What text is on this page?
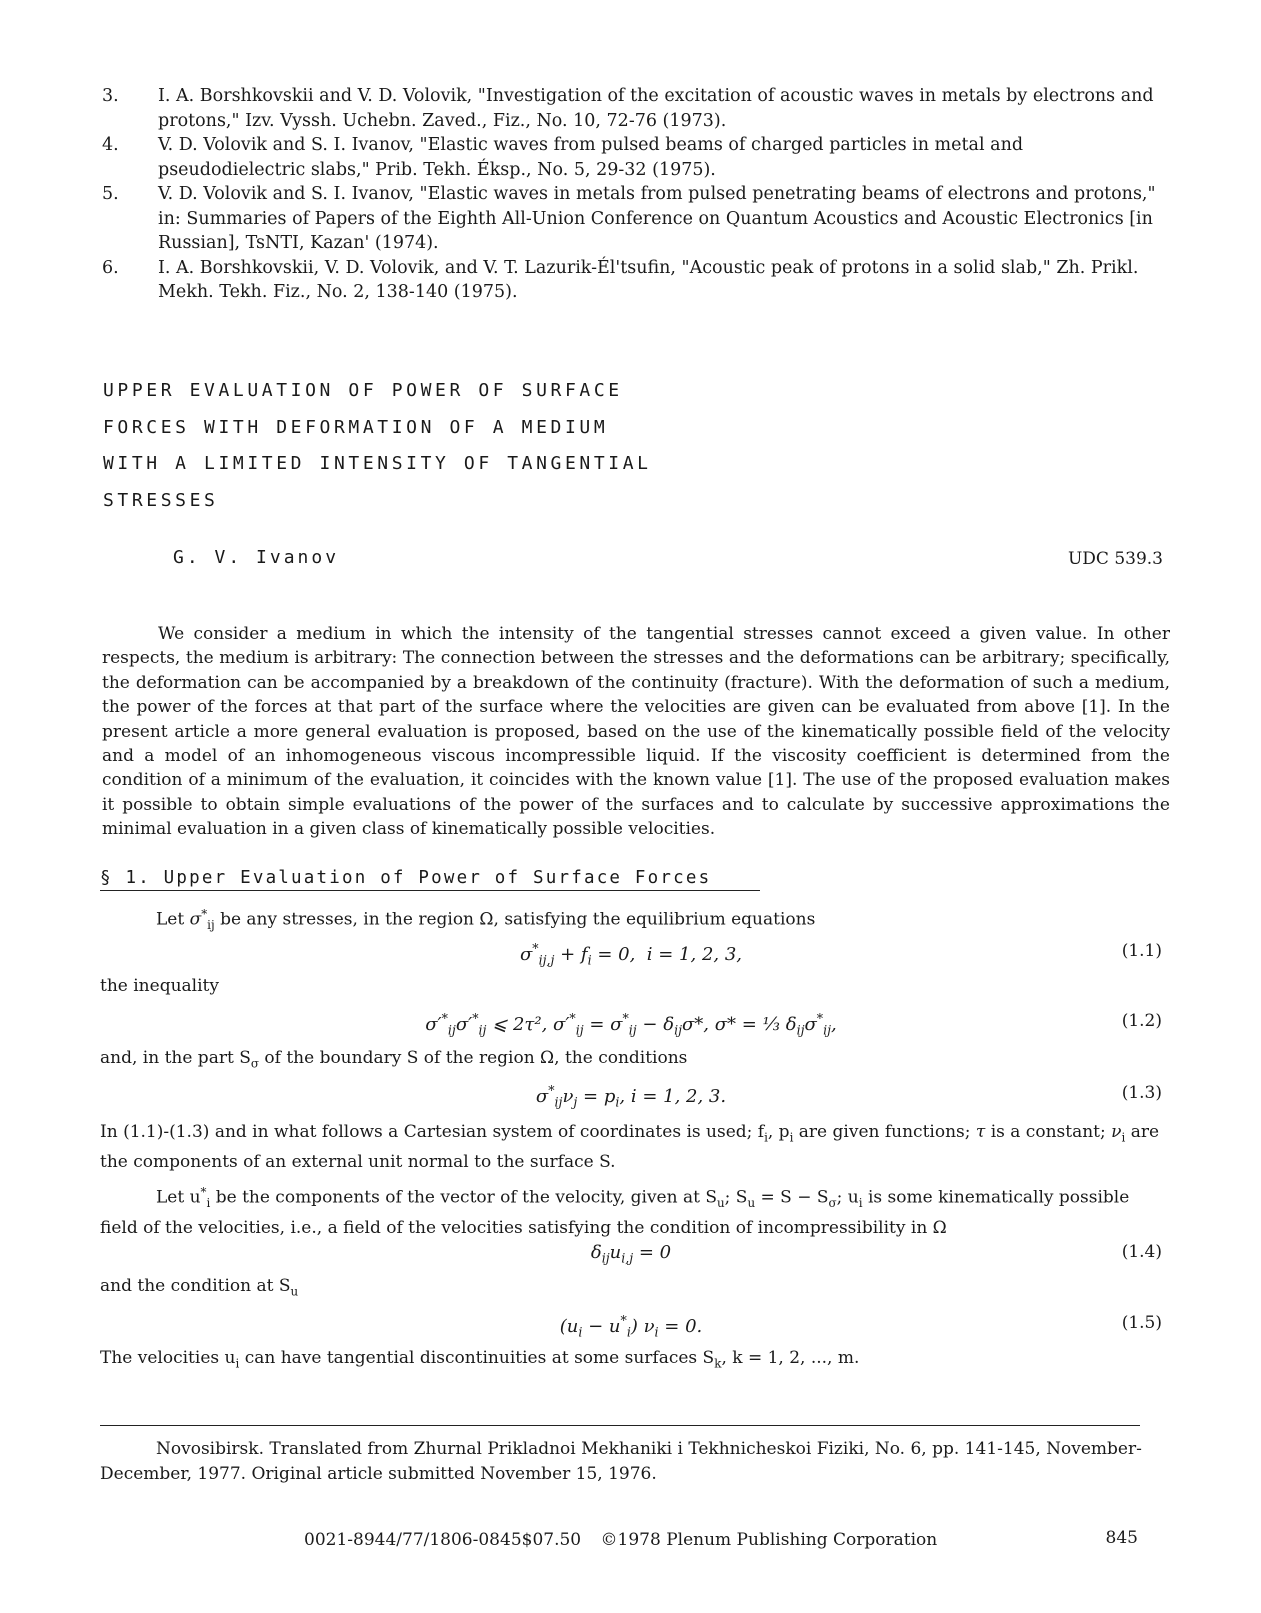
3.	I. A. Borshkovskii and V. D. Volovik, "Investigation of the excitation of acoustic waves in metals by electrons and protons," Izv. Vyssh. Uchebn. Zaved., Fiz., No. 10, 72-76 (1973).
4.	V. D. Volovik and S. I. Ivanov, "Elastic waves from pulsed beams of charged particles in metal and pseudodielectric slabs," Prib. Tekh. Éksp., No. 5, 29-32 (1975).
5.	V. D. Volovik and S. I. Ivanov, "Elastic waves in metals from pulsed penetrating beams of electrons and protons," in: Summaries of Papers of the Eighth All-Union Conference on Quantum Acoustics and Acoustic Electronics [in Russian], TsNTI, Kazan' (1974).
6.	I. A. Borshkovskii, V. D. Volovik, and V. T. Lazurik-Él'tsufin, "Acoustic peak of protons in a solid slab," Zh. Prikl. Mekh. Tekh. Fiz., No. 2, 138-140 (1975).
UPPER EVALUATION OF POWER OF SURFACE
FORCES WITH DEFORMATION OF A MEDIUM
WITH A LIMITED INTENSITY OF TANGENTIAL
STRESSES
G. V. Ivanov	UDC 539.3
We consider a medium in which the intensity of the tangential stresses cannot exceed a given value. In other respects, the medium is arbitrary: The connection between the stresses and the deformations can be arbitrary; specifically, the deformation can be accompanied by a breakdown of the continuity (fracture). With the deformation of such a medium, the power of the forces at that part of the surface where the velocities are given can be evaluated from above [1]. In the present article a more general evaluation is proposed, based on the use of the kinematically possible field of the velocity and a model of an inhomogeneous viscous incompressible liquid. If the viscosity coefficient is determined from the condition of a minimum of the evaluation, it coincides with the known value [1]. The use of the proposed evaluation makes it possible to obtain simple evaluations of the power of the surfaces and to calculate by successive approximations the minimal evaluation in a given class of kinematically possible velocities.
§ 1. Upper Evaluation of Power of Surface Forces
Let $\sigma^*_{ij}$ be any stresses, in the region Ω, satisfying the equilibrium equations
$\sigma^*_{ij,j} + f_i = 0$,  i = 1, 2, 3,	(1.1)
the inequality
$\sigma'^*_{ij}\sigma'^*_{ij}$ ⩽ 2τ², $\sigma'^*_{ij} = \sigma^*_{ij} - \delta_{ij}\sigma*$, σ* = ⅓ $\delta_{ij}\sigma^*_{ij}$,	(1.2)
and, in the part $S_\sigma$ of the boundary S of the region Ω, the conditions
$\sigma^*_{ij}\nu_j = p_i$, i = 1, 2, 3.	(1.3)
In (1.1)-(1.3) and in what follows a Cartesian system of coordinates is used; $f_i$, $p_i$ are given functions; τ is a constant; $\nu_i$ are the components of an external unit normal to the surface S.
Let $u^*_i$ be the components of the vector of the velocity, given at $S_u$; $S_u = S - S_\sigma$; $u_i$ is some kinematically possible field of the velocities, i.e., a field of the velocities satisfying the condition of incompressibility in Ω
$\delta_{ij}u_{i,j} = 0$	(1.4)
and the condition at $S_u$
$(u_i - u^*_i) \nu_i = 0$.	(1.5)
The velocities $u_i$ can have tangential discontinuities at some surfaces $S_k$, k = 1, 2, ..., m.
Novosibirsk. Translated from Zhurnal Prikladnoi Mekhaniki i Tekhnicheskoi Fiziki, No. 6, pp. 141-145, November-December, 1977. Original article submitted November 15, 1976.
0021-8944/77/1806-0845$07.50 ©1978 Plenum Publishing Corporation	845
